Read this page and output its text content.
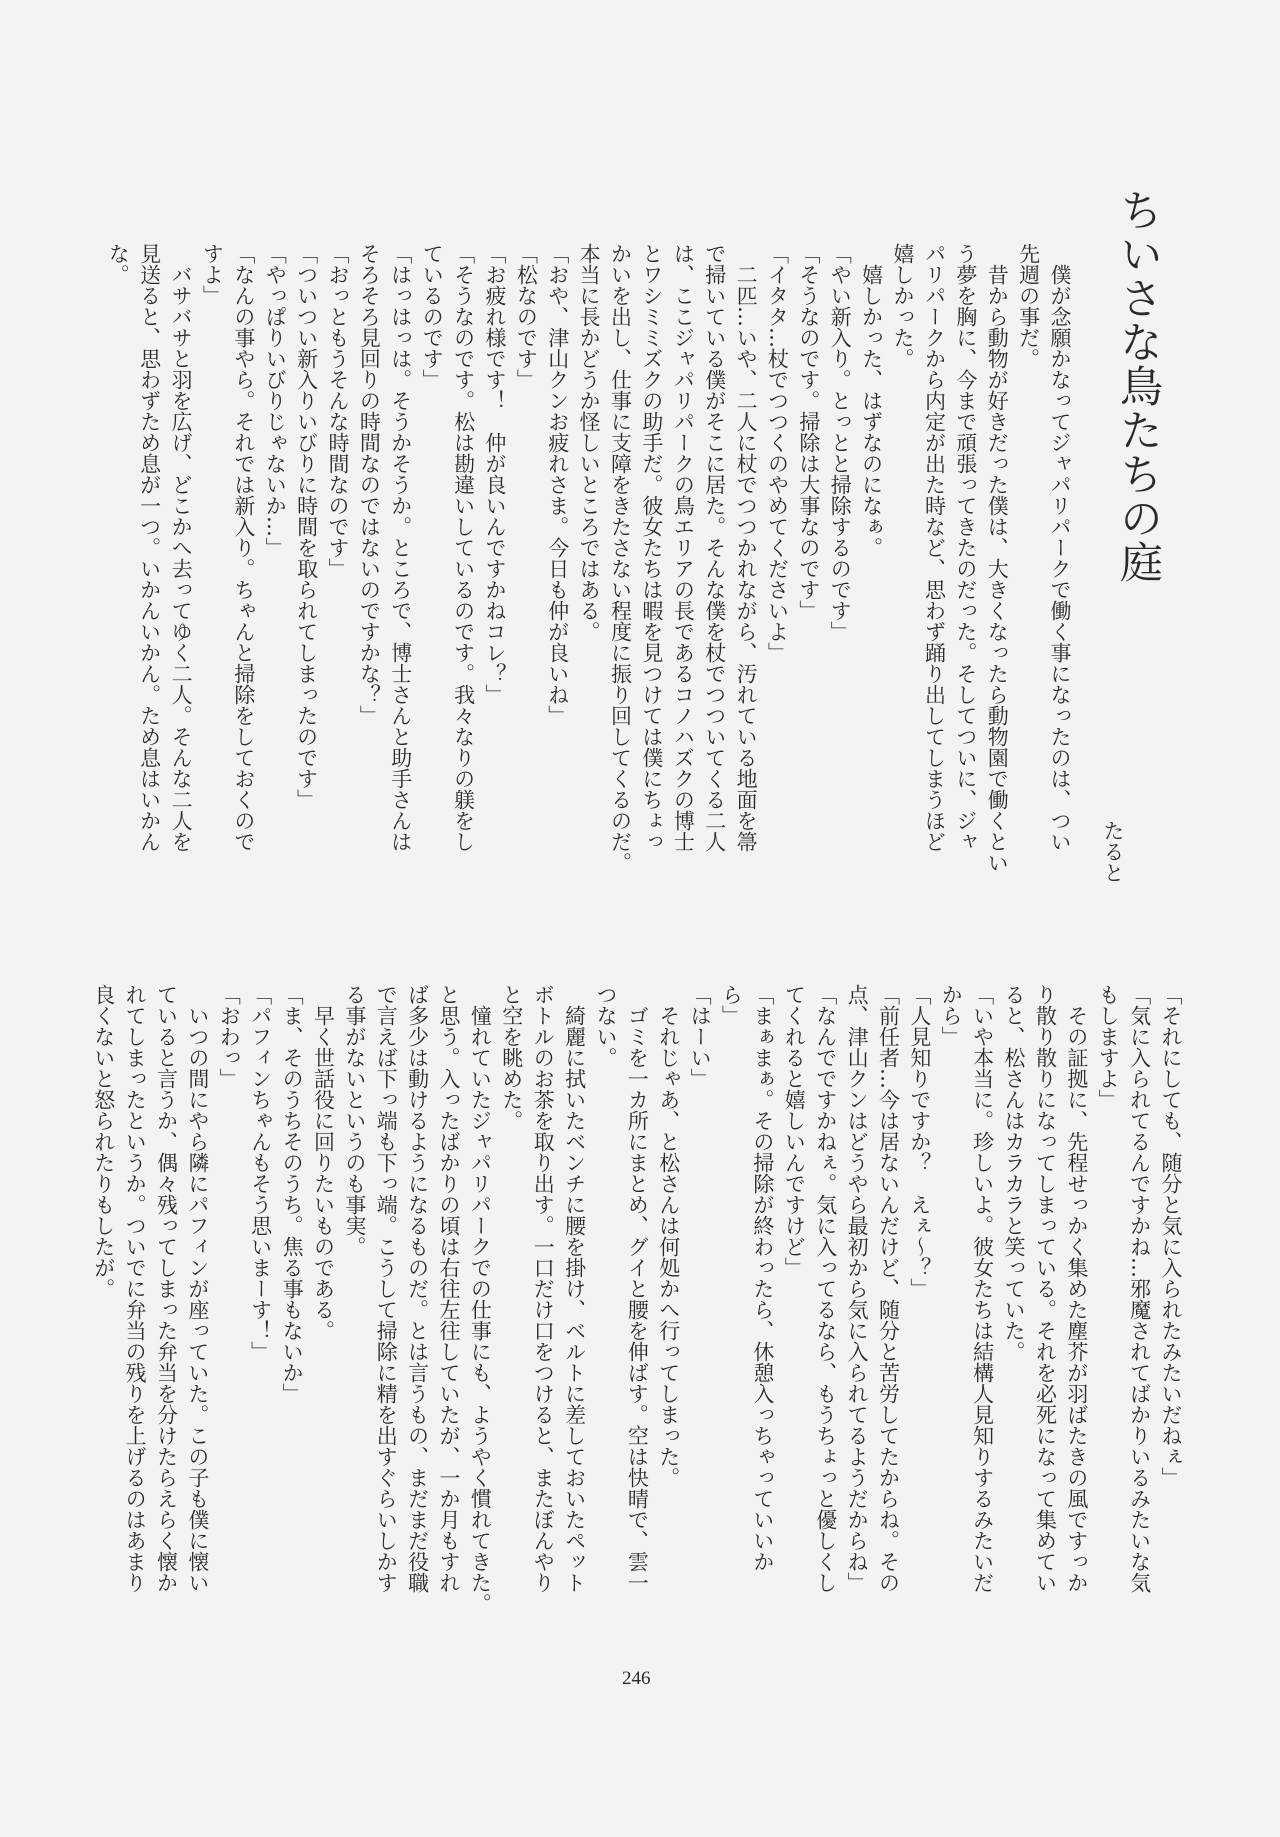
ちいさな鳥たちの庭
たると
　僕が念願かなってジャパリパークで働く事になったのは、つい
先週の事だ。
　昔から動物が好きだった僕は、大きくなったら動物園で働くとい
う夢を胸に、今まで頑張ってきたのだった。そしてついに、ジャ
パリパークから内定が出た時など、思わず踊り出してしまうほど
嬉しかった。
　嬉しかった、はずなのになぁ。
「やい新入り。とっとと掃除するのです」
「そうなのです。掃除は大事なのです」
「イタタ…杖でつつくのやめてくださいよ」
　二匹…いや、二人に杖でつつかれながら、汚れている地面を箒
で掃いている僕がそこに居た。そんな僕を杖でつついてくる二人
は、ここジャパリパークの鳥エリアの長であるコノハズクの博士
とワシミミズクの助手だ。彼女たちは暇を見つけては僕にちょっ
かいを出し、仕事に支障をきたさない程度に振り回してくるのだ。
本当に長かどうか怪しいところではある。
「おや、津山クンお疲れさま。今日も仲が良いね」
「松なのです」
「お疲れ様です！　仲が良いんですかねコレ？」
「そうなのです。松は勘違いしているのです。我々なりの躾をし
ているのです」
「はっはっは。そうかそうか。ところで、博士さんと助手さんは
そろそろ見回りの時間なのではないのですかな？」
「おっともうそんな時間なのです」
「ついつい新入りいびりに時間を取られてしまったのです」
「やっぱりいびりじゃないか…」
「なんの事やら。それでは新入り。ちゃんと掃除をしておくので
すよ」
　バサバサと羽を広げ、どこかへ去ってゆく二人。そんな二人を
見送ると、思わずため息が一つ。いかんいかん。ため息はいかん
な。
「それにしても、随分と気に入られたみたいだねぇ」
「気に入られてるんですかね…邪魔されてばかりいるみたいな気
もしますよ」
　その証拠に、先程せっかく集めた塵芥が羽ばたきの風ですっか
り散り散りになってしまっている。それを必死になって集めてい
ると、松さんはカラカラと笑っていた。
「いや本当に。珍しいよ。彼女たちは結構人見知りするみたいだ
から」
「人見知りですか？　えぇ～？」
「前任者…今は居ないんだけど、随分と苦労してたからね。その
点、津山クンはどうやら最初から気に入られてるようだからね」
「なんでですかねぇ。気に入ってるなら、もうちょっと優しくし
てくれると嬉しいんですけど」
「まぁまぁ。その掃除が終わったら、休憩入っちゃっていいか
ら」
「はーい」
　それじゃあ、と松さんは何処かへ行ってしまった。
　ゴミを一カ所にまとめ、グイと腰を伸ばす。空は快晴で、雲一
つない。
　綺麗に拭いたベンチに腰を掛け、ベルトに差しておいたペット
ボトルのお茶を取り出す。一口だけ口をつけると、またぼんやり
と空を眺めた。
　憧れていたジャパリパークでの仕事にも、ようやく慣れてきた。
と思う。入ったばかりの頃は右往左往していたが、一か月もすれ
ば多少は動けるようになるものだ。とは言うもの、まだまだ役職
で言えば下っ端も下っ端。こうして掃除に精を出すぐらいしかす
る事がないというのも事実。
　早く世話役に回りたいものである。
「ま、そのうちそのうち。焦る事もないか」
「パフィンちゃんもそう思いまーす！」
「おわっ」
　いつの間にやら隣にパフィンが座っていた。この子も僕に懐い
ていると言うか、偶々残ってしまった弁当を分けたらえらく懐か
れてしまったというか。ついでに弁当の残りを上げるのはあまり
良くないと怒られたりもしたが。
246
